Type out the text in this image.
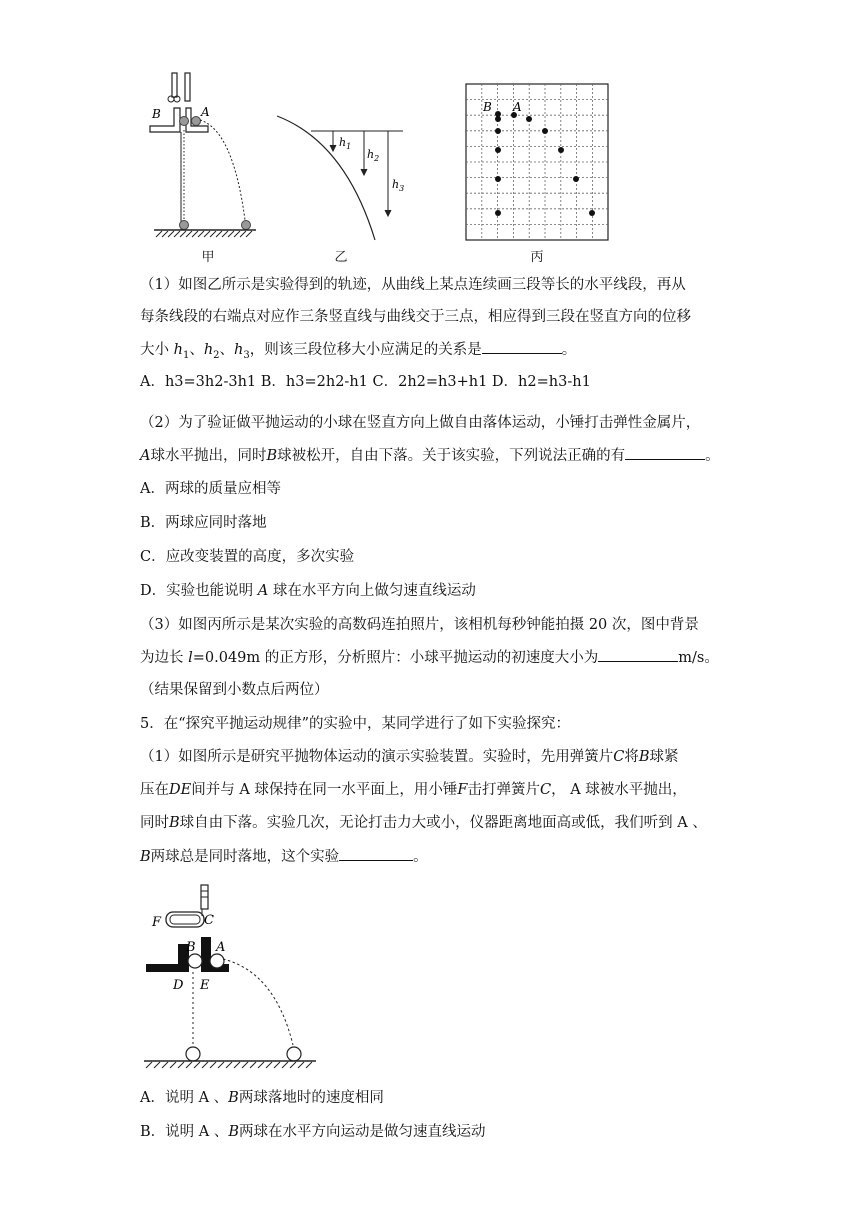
B	A
甲
$h_1$
$h_2$
$h_3$
乙
B A
丙
（1）如图乙所示是实验得到的轨迹，从曲线上某点连续画三段等长的水平线段，再从
每条线段的右端点对应作三条竖直线与曲线交于三点，相应得到三段在竖直方向的位移
大小 $h_1$、$h_2$、$h_3$，则该三段位移大小应满足的关系是	。
A．h3=3h2-3h1 B．h3=2h2-h1 C．2h2=h3+h1 D．h2=h3-h1
（2）为了验证做平抛运动的小球在竖直方向上做自由落体运动，小锤打击弹性金属片，
A球水平抛出，同时B球被松开，自由下落。关于该实验，下列说法正确的有	。
A．两球的质量应相等
B．两球应同时落地
C．应改变装置的高度，多次实验
D．实验也能说明 A 球在水平方向上做匀速直线运动
（3）如图丙所示是某次实验的高数码连拍照片，该相机每秒钟能拍摄 20 次，图中背景
为边长 l=0.049m 的正方形，分析照片：小球平抛运动的初速度大小为	m/s。
（结果保留到小数点后两位）
5．在“探究平抛运动规律”的实验中，某同学进行了如下实验探究：
（1）如图所示是研究平抛物体运动的演示实验装置。实验时，先用弹簧片C将B球紧
压在DE间并与 A 球保持在同一水平面上，用小锤F击打弹簧片C， A 球被水平抛出，
同时B球自由下落。实验几次，无论打击力大或小，仪器距离地面高或低，我们听到 A 、
B两球总是同时落地，这个实验	。
F	C
B A
D E
A．说明 A 、B两球落地时的速度相同
B．说明 A 、B两球在水平方向运动是做匀速直线运动
